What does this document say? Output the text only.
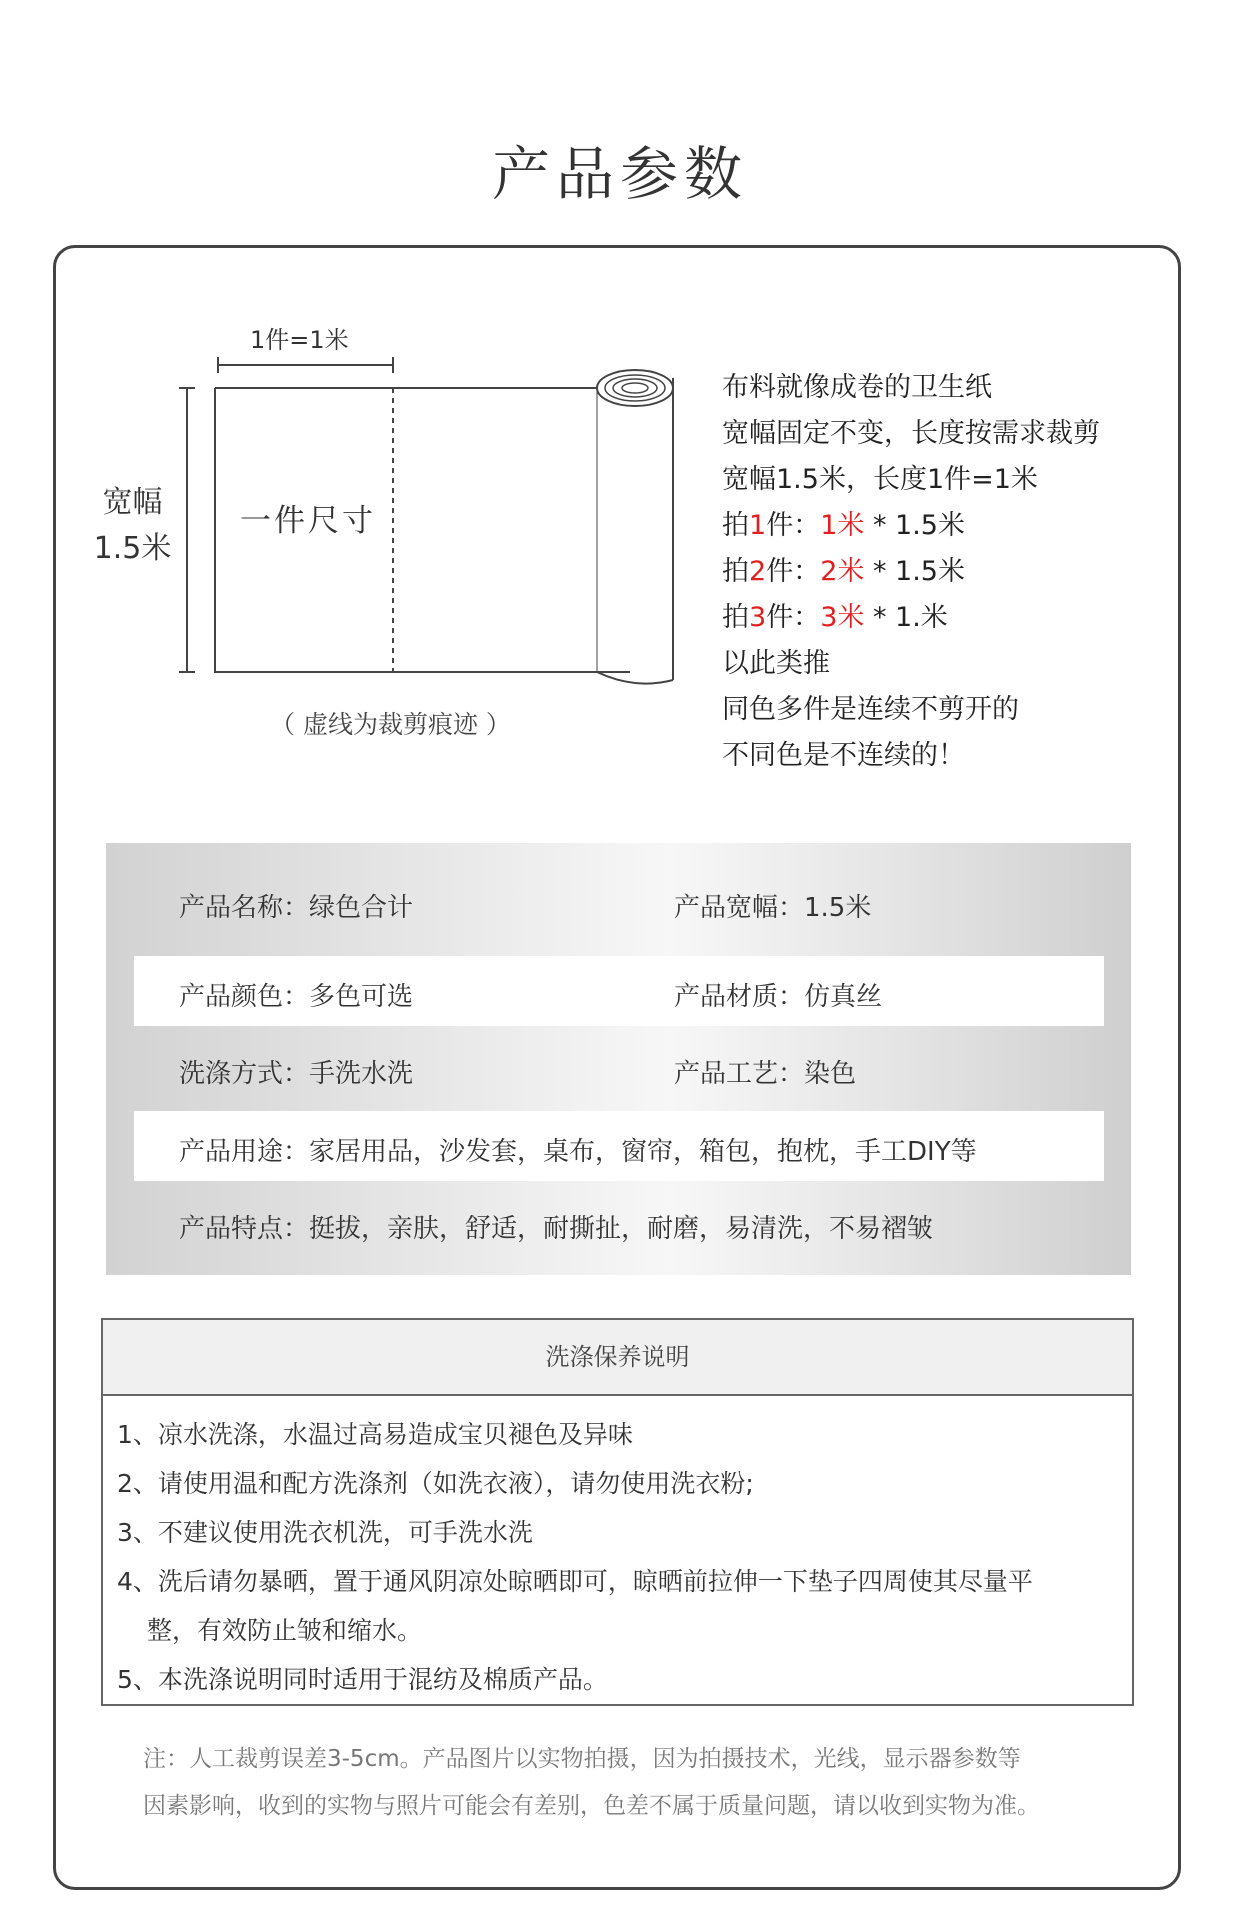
产品参数
1件=1米
宽幅
1.5米
一件尺寸
（ 虚线为裁剪痕迹 ）
布料就像成卷的卫生纸
宽幅固定不变，长度按需求裁剪
宽幅1.5米，长度1件=1米
拍1件：1米 * 1.5米
拍2件：2米 * 1.5米
拍3件：3米 * 1.米
以此类推
同色多件是连续不剪开的
不同色是不连续的！
产品名称：绿色合计	产品宽幅：1.5米
产品颜色：多色可选	产品材质：仿真丝
洗涤方式：手洗水洗	产品工艺：染色
产品用途：家居用品，沙发套，桌布，窗帘，箱包，抱枕，手工DIY等
产品特点：挺拔，亲肤，舒适，耐撕扯，耐磨，易清洗，不易褶皱
洗涤保养说明
1、凉水洗涤，水温过高易造成宝贝褪色及异味
2、请使用温和配方洗涤剂（如洗衣液），请勿使用洗衣粉;
3、不建议使用洗衣机洗，可手洗水洗
4、洗后请勿暴晒，置于通风阴凉处晾晒即可，晾晒前拉伸一下垫子四周使其尽量平
整，有效防止皱和缩水。
5、本洗涤说明同时适用于混纺及棉质产品。
注：人工裁剪误差3-5cm。产品图片以实物拍摄，因为拍摄技术，光线，显示器参数等
因素影响，收到的实物与照片可能会有差别，色差不属于质量问题，请以收到实物为准。
